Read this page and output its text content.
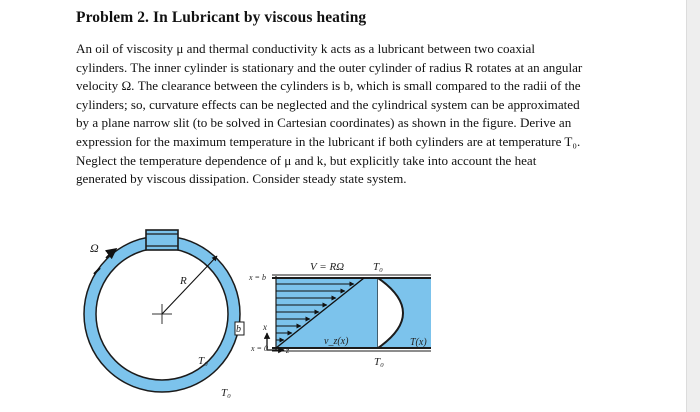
Problem 2. In Lubricant by viscous heating

An oil of viscosity μ and thermal conductivity k acts as a lubricant between two coaxial
cylinders. The inner cylinder is stationary and the outer cylinder of radius R rotates at an angular
velocity Ω. The clearance between the cylinders is b, which is small compared to the radii of the
cylinders; so, curvature effects can be neglected and the cylindrical system can be approximated
by a plane narrow slit (to be solved in Cartesian coordinates) as shown in the figure. Derive an
expression for the maximum temperature in the lubricant if both cylinders are at temperature T₀.
Neglect the temperature dependence of μ and k, but explicitly take into account the heat
generated by viscous dissipation. Consider steady state system.

Ω
R
T₀
T₀
b
x = b
x = 0
x
z
V = RΩ	T₀
v_z(x)	T(x)
T₀
